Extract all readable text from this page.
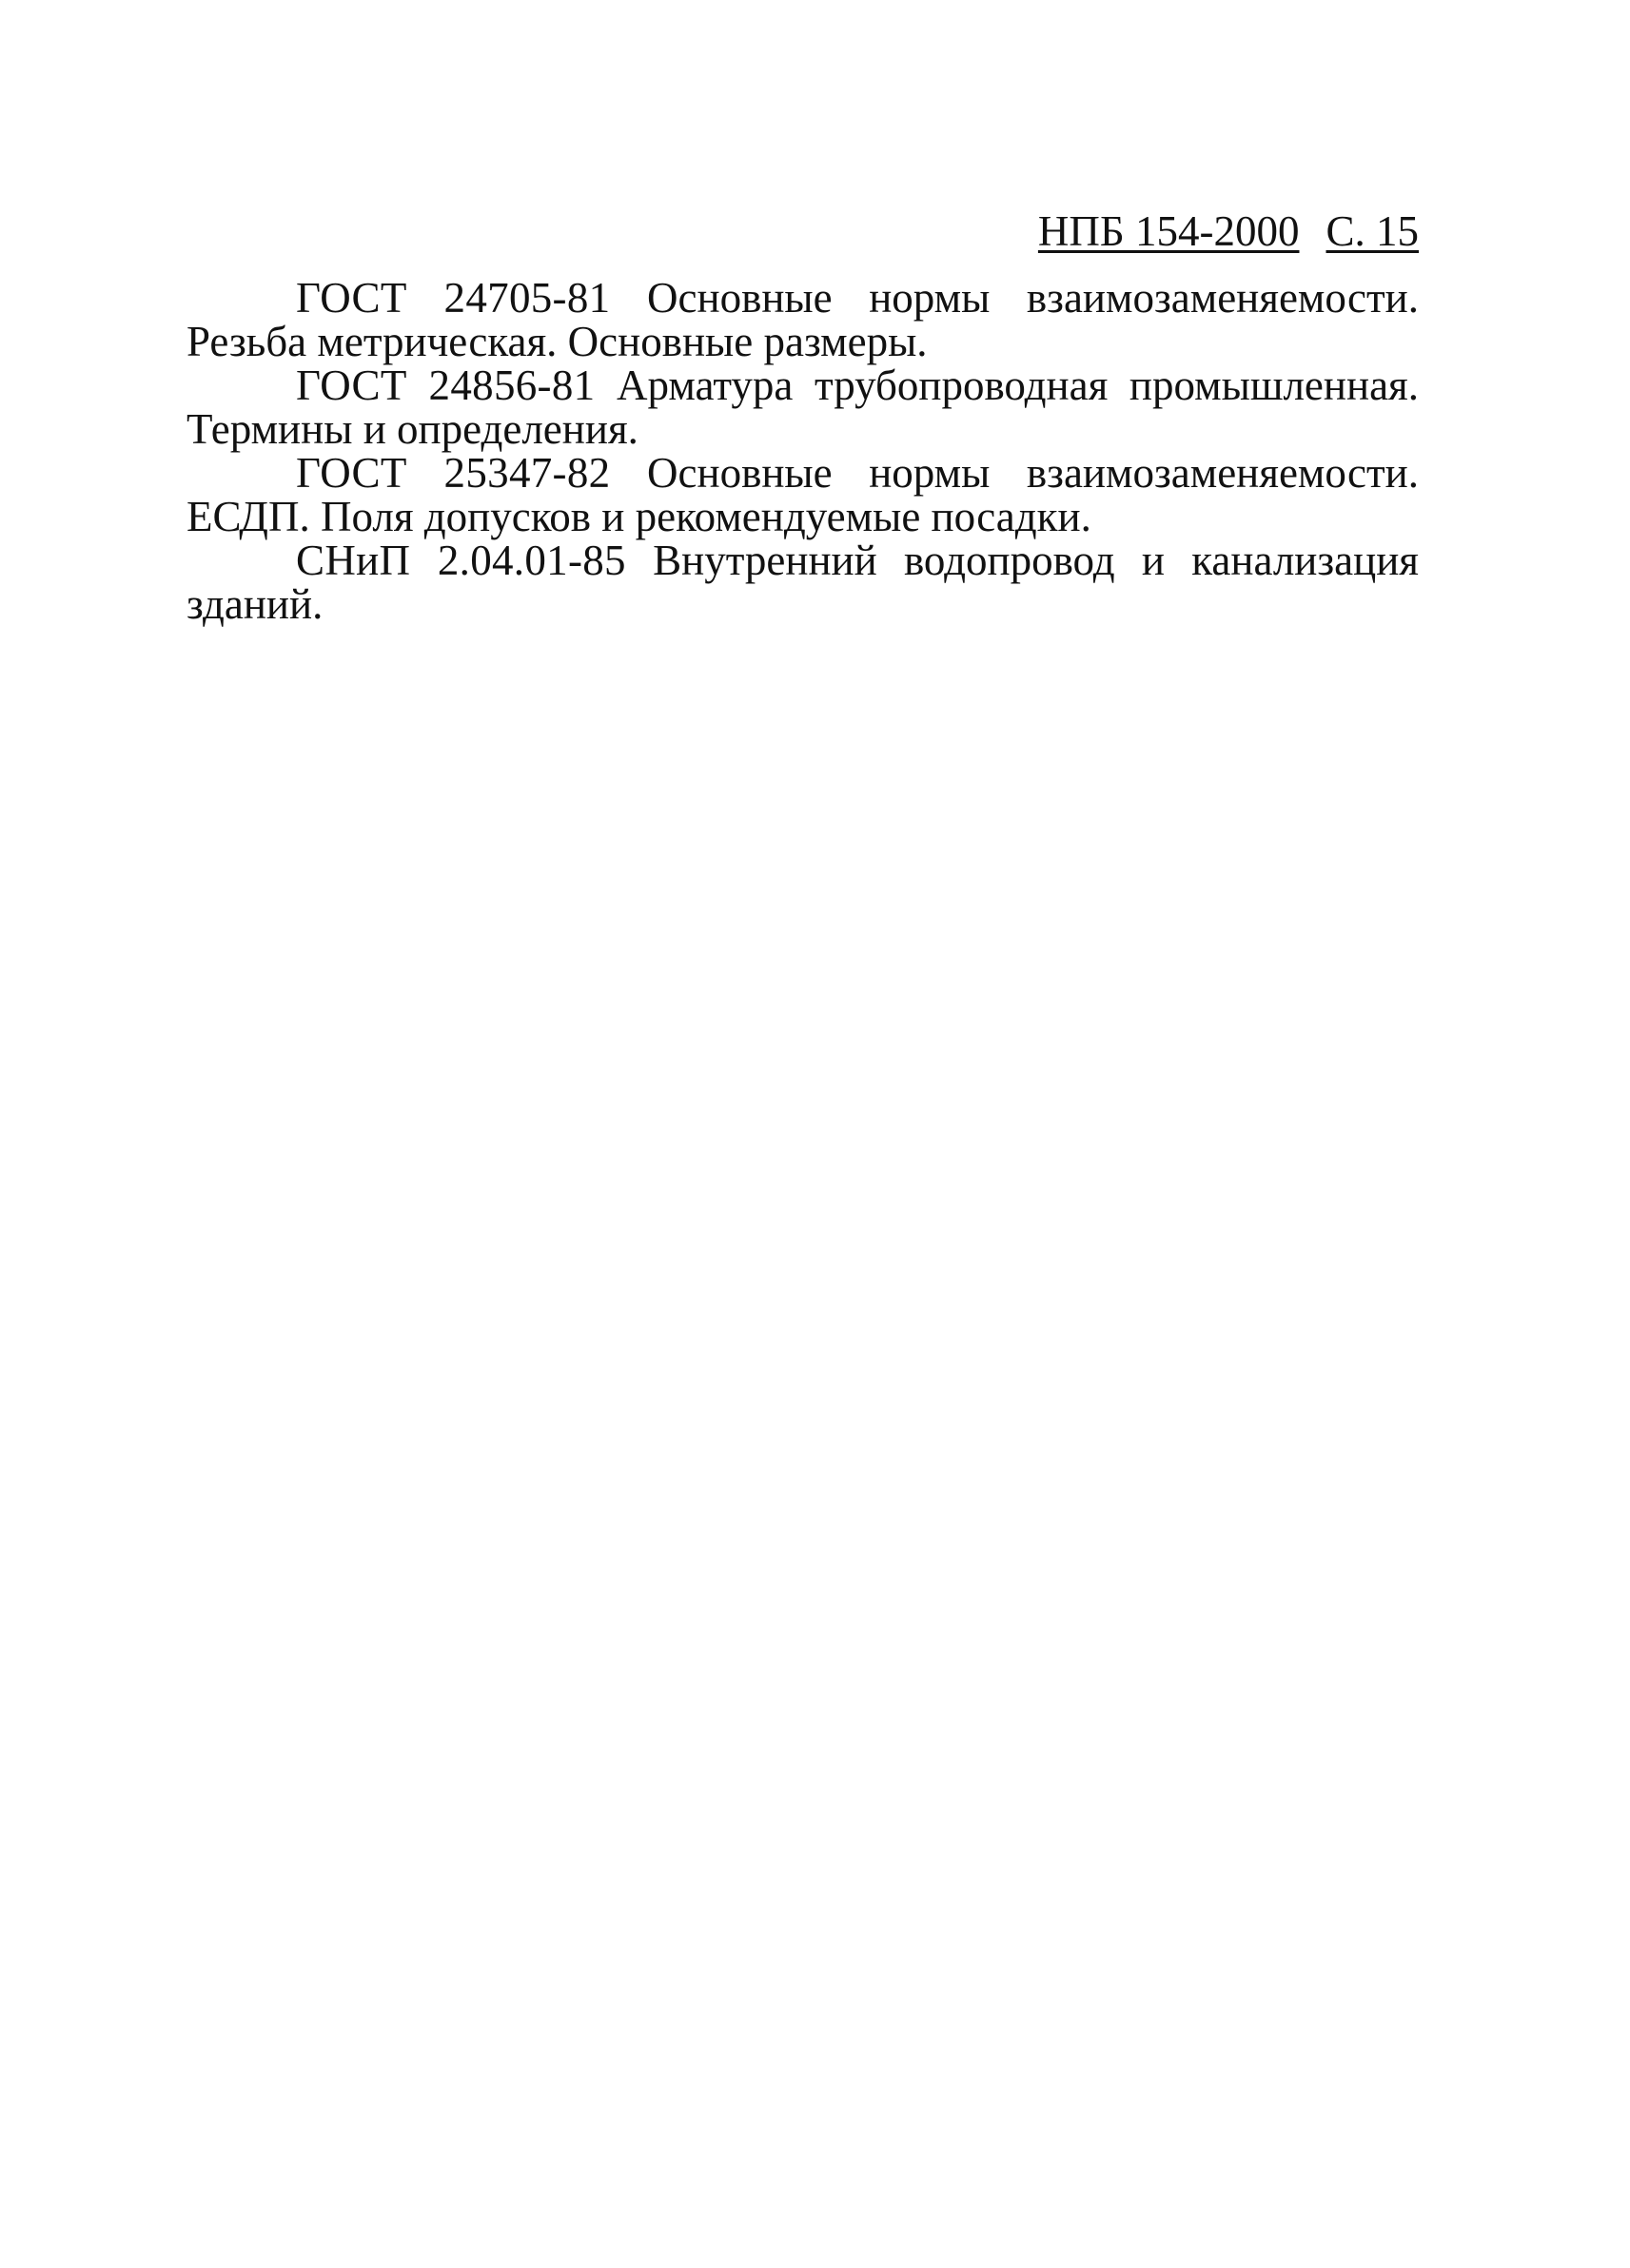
НПБ 154-2000 С. 15

ГОСТ 24705-81 Основные нормы взаимозаменяемости. Резьба метрическая. Основные размеры.

ГОСТ 24856-81 Арматура трубопроводная промышленная. Термины и определения.

ГОСТ 25347-82 Основные нормы взаимозаменяемости. ЕСДП. Поля допусков и рекомендуемые посадки.

СНиП 2.04.01-85 Внутренний водопровод и канализация зданий.
